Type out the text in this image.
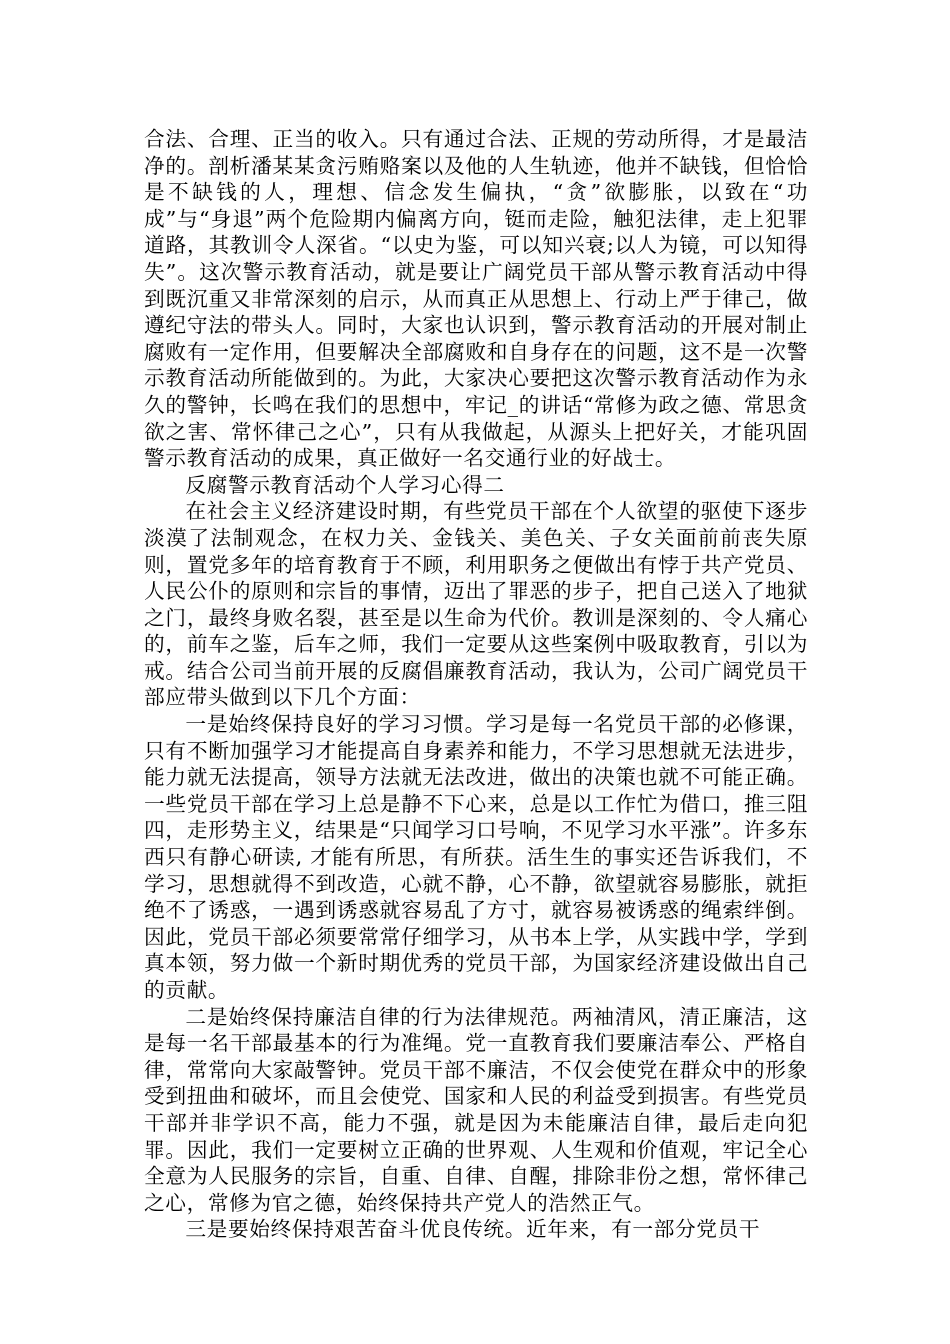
合法、合理、正当的收入。只有通过合法、正规的劳动所得，才是最洁净的。剖析潘某某贪污贿赂案以及他的人生轨迹，他并不缺钱，但恰恰是不缺钱的人，理想、信念发生偏执，“贪”欲膨胀，以致在“功成”与“身退”两个危险期内偏离方向，铤而走险，触犯法律，走上犯罪道路，其教训令人深省。“以史为鉴，可以知兴衰;以人为镜，可以知得失”。这次警示教育活动，就是要让广阔党员干部从警示教育活动中得到既沉重又非常深刻的启示，从而真正从思想上、行动上严于律己，做遵纪守法的带头人。同时，大家也认识到，警示教育活动的开展对制止腐败有一定作用，但要解决全部腐败和自身存在的问题，这不是一次警示教育活动所能做到的。为此，大家决心要把这次警示教育活动作为永久的警钟，长鸣在我们的思想中，牢记_的讲话“常修为政之德、常思贪欲之害、常怀律己之心”，只有从我做起，从源头上把好关，才能巩固警示教育活动的成果，真正做好一名交通行业的好战士。

反腐警示教育活动个人学习心得二

在社会主义经济建设时期，有些党员干部在个人欲望的驱使下逐步淡漠了法制观念，在权力关、金钱关、美色关、子女关面前前丧失原则，置党多年的培育教育于不顾，利用职务之便做出有悖于共产党员、人民公仆的原则和宗旨的事情，迈出了罪恶的步子，把自己送入了地狱之门，最终身败名裂，甚至是以生命为代价。教训是深刻的、令人痛心的，前车之鉴，后车之师，我们一定要从这些案例中吸取教育，引以为戒。结合公司当前开展的反腐倡廉教育活动，我认为，公司广阔党员干部应带头做到以下几个方面：

一是始终保持良好的学习习惯。学习是每一名党员干部的必修课，只有不断加强学习才能提高自身素养和能力，不学习思想就无法进步，能力就无法提高，领导方法就无法改进，做出的决策也就不可能正确。一些党员干部在学习上总是静不下心来，总是以工作忙为借口，推三阻四，走形势主义，结果是“只闻学习口号响，不见学习水平涨”。许多东西只有静心研读, 才能有所思，有所获。活生生的事实还告诉我们，不学习，思想就得不到改造，心就不静，心不静，欲望就容易膨胀，就拒绝不了诱惑，一遇到诱惑就容易乱了方寸，就容易被诱惑的绳索绊倒。因此，党员干部必须要常常仔细学习，从书本上学，从实践中学，学到真本领，努力做一个新时期优秀的党员干部，为国家经济建设做出自己的贡献。

二是始终保持廉洁自律的行为法律规范。两袖清风，清正廉洁，这是每一名干部最基本的行为准绳。党一直教育我们要廉洁奉公、严格自律，常常向大家敲警钟。党员干部不廉洁，不仅会使党在群众中的形象受到扭曲和破坏，而且会使党、国家和人民的利益受到损害。有些党员干部并非学识不高，能力不强，就是因为未能廉洁自律，最后走向犯罪。因此，我们一定要树立正确的世界观、人生观和价值观，牢记全心全意为人民服务的宗旨，自重、自律、自醒，排除非份之想，常怀律己之心，常修为官之德，始终保持共产党人的浩然正气。

三是要始终保持艰苦奋斗优良传统。近年来，有一部分党员干
